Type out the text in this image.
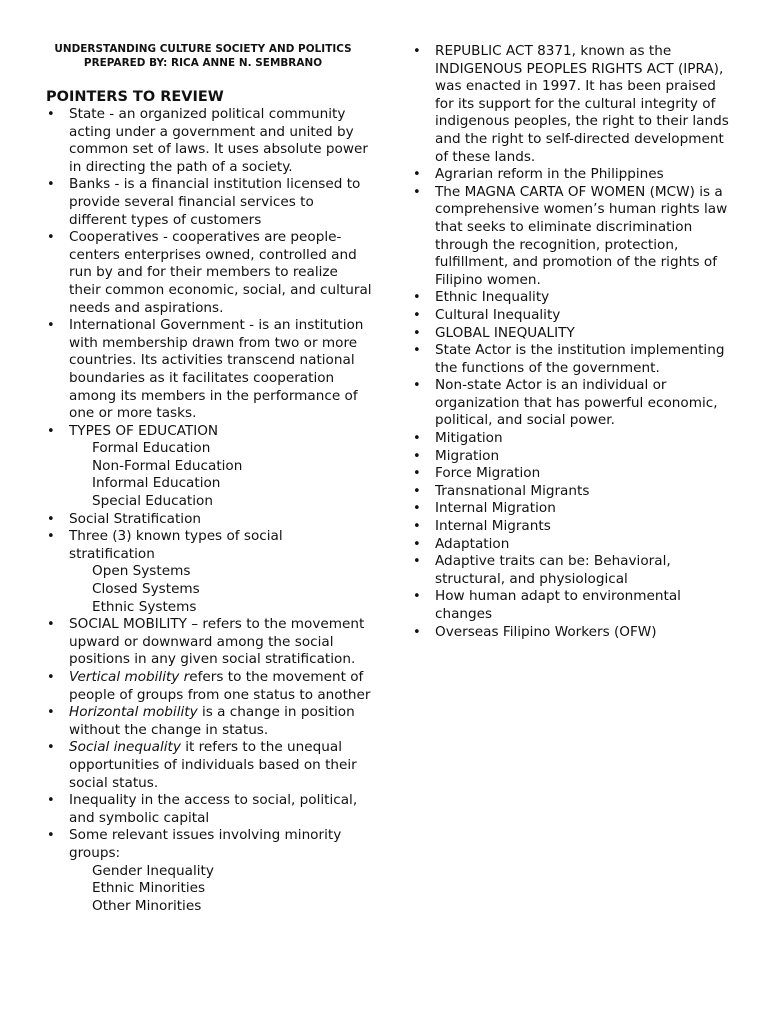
UNDERSTANDING CULTURE SOCIETY AND POLITICS
PREPARED BY: RICA ANNE N. SEMBRANO
POINTERS TO REVIEW
• State - an organized political community acting under a government and united by common set of laws. It uses absolute power in directing the path of a society.
• Banks - is a financial institution licensed to provide several financial services to different types of customers
• Cooperatives - cooperatives are people-centers enterprises owned, controlled and run by and for their members to realize their common economic, social, and cultural needs and aspirations.
• International Government - is an institution with membership drawn from two or more countries. Its activities transcend national boundaries as it facilitates cooperation among its members in the performance of one or more tasks.
• TYPES OF EDUCATION
Formal Education
Non-Formal Education
Informal Education
Special Education
• Social Stratification
• Three (3) known types of social stratification
Open Systems
Closed Systems
Ethnic Systems
• SOCIAL MOBILITY – refers to the movement upward or downward among the social positions in any given social stratification.
• Vertical mobility refers to the movement of people of groups from one status to another
• Horizontal mobility is a change in position without the change in status.
• Social inequality it refers to the unequal opportunities of individuals based on their social status.
• Inequality in the access to social, political, and symbolic capital
• Some relevant issues involving minority groups:
Gender Inequality
Ethnic Minorities
Other Minorities
• REPUBLIC ACT 8371, known as the INDIGENOUS PEOPLES RIGHTS ACT (IPRA), was enacted in 1997. It has been praised for its support for the cultural integrity of indigenous peoples, the right to their lands and the right to self-directed development of these lands.
• Agrarian reform in the Philippines
• The MAGNA CARTA OF WOMEN (MCW) is a comprehensive women’s human rights law that seeks to eliminate discrimination through the recognition, protection, fulfillment, and promotion of the rights of Filipino women.
• Ethnic Inequality
• Cultural Inequality
• GLOBAL INEQUALITY
• State Actor is the institution implementing the functions of the government.
• Non-state Actor is an individual or organization that has powerful economic, political, and social power.
• Mitigation
• Migration
• Force Migration
• Transnational Migrants
• Internal Migration
• Internal Migrants
• Adaptation
• Adaptive traits can be: Behavioral, structural, and physiological
• How human adapt to environmental changes
• Overseas Filipino Workers (OFW)
